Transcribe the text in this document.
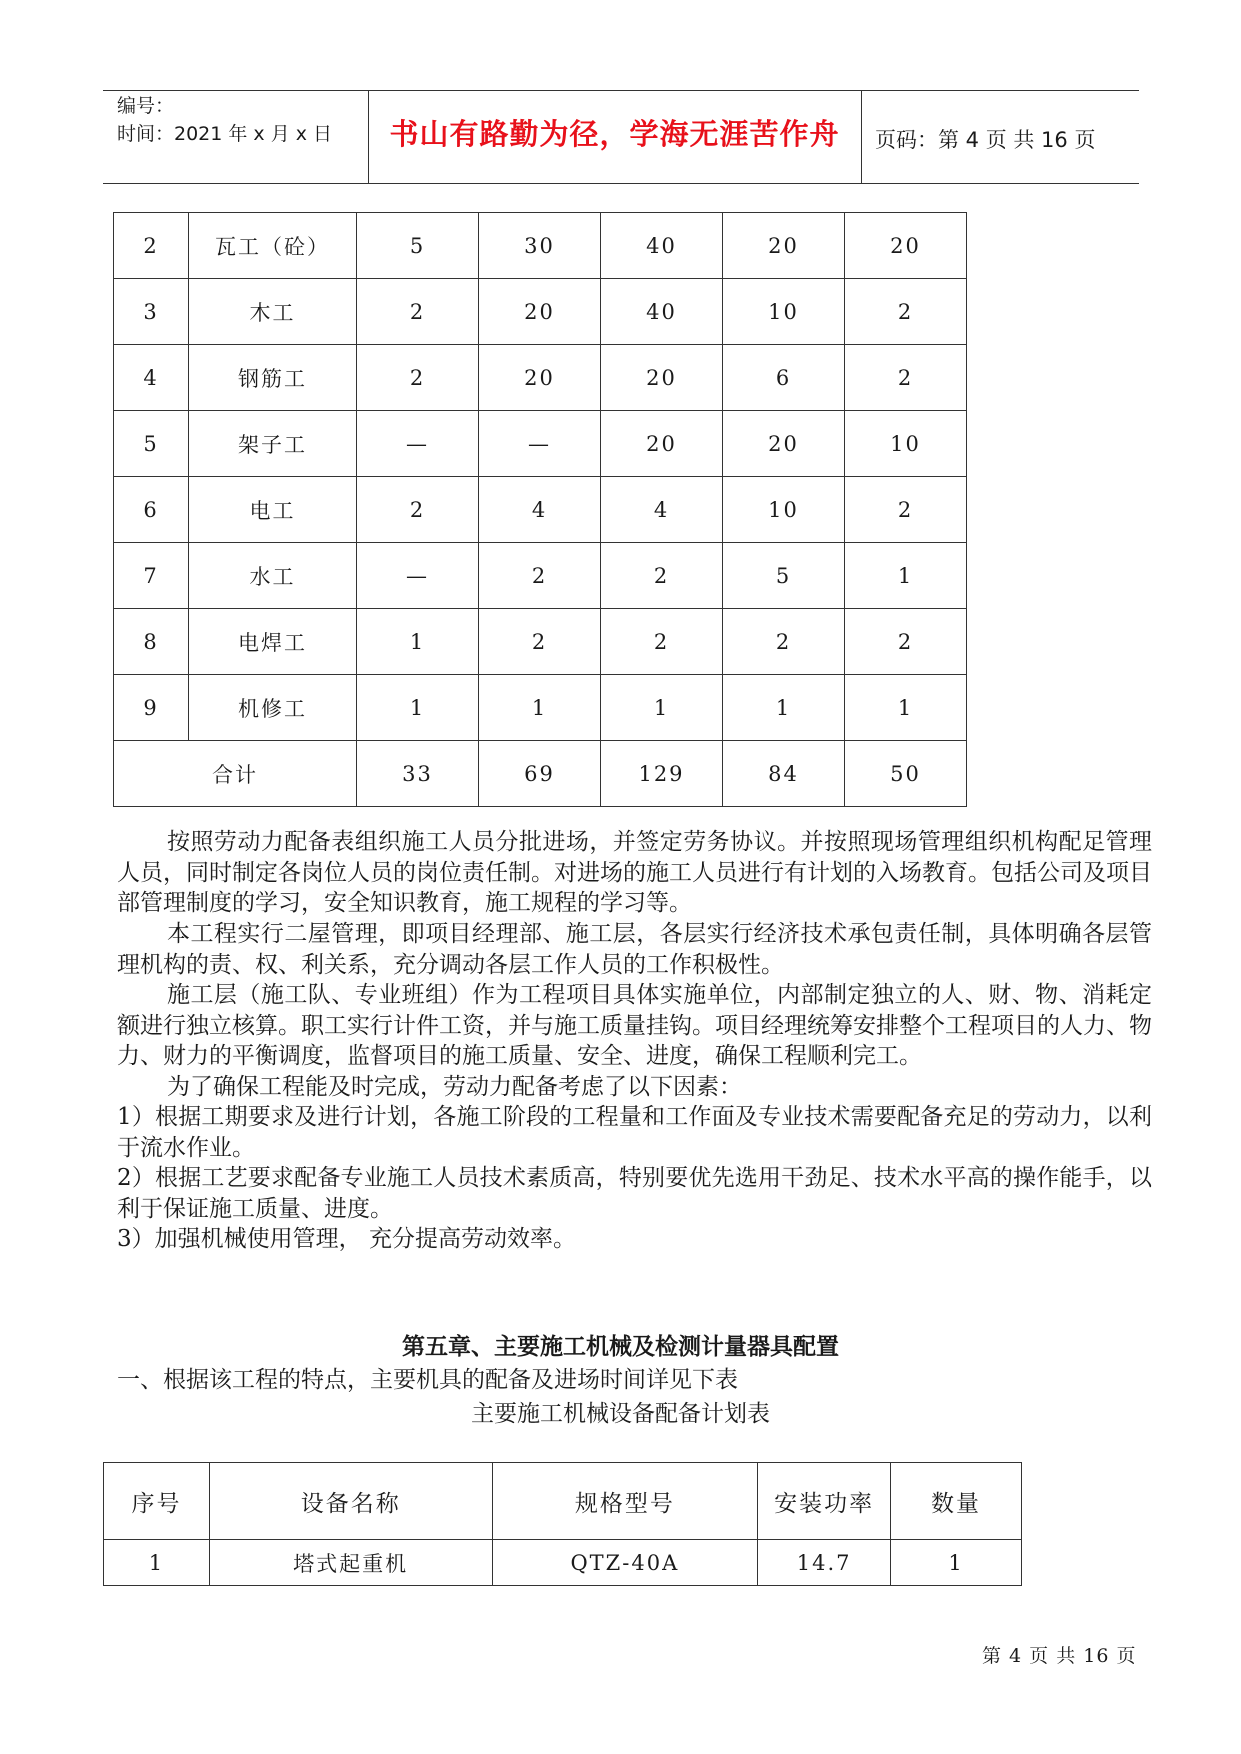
编号：
时间：2021 年 x 月 x 日	书山有路勤为径，学海无涯苦作舟	页码：第 4 页 共 16 页
2	瓦工（砼）	5	30	40	20	20
3	木工	2	20	40	10	2
4	钢筋工	2	20	20	6	2
5	架子工	—	—	20	20	10
6	电工	2	4	4	10	2
7	水工	—	2	2	5	1
8	电焊工	1	2	2	2	2
9	机修工	1	1	1	1	1
合计		33	69	129	84	50

按照劳动力配备表组织施工人员分批进场，并签定劳务协议。并按照现场管理组织机构配足管理人员，同时制定各岗位人员的岗位责任制。对进场的施工人员进行有计划的入场教育。包括公司及项目部管理制度的学习，安全知识教育，施工规程的学习等。

本工程实行二屋管理，即项目经理部、施工层，各层实行经济技术承包责任制，具体明确各层管理机构的责、权、利关系，充分调动各层工作人员的工作积极性。

施工层（施工队、专业班组）作为工程项目具体实施单位，内部制定独立的人、财、物、消耗定额进行独立核算。职工实行计件工资，并与施工质量挂钩。项目经理统筹安排整个工程项目的人力、物力、财力的平衡调度，监督项目的施工质量、安全、进度，确保工程顺利完工。

为了确保工程能及时完成，劳动力配备考虑了以下因素：

1）根据工期要求及进行计划，各施工阶段的工程量和工作面及专业技术需要配备充足的劳动力，以利于流水作业。

2）根据工艺要求配备专业施工人员技术素质高，特别要优先选用干劲足、技术水平高的操作能手，以利于保证施工质量、进度。

3）加强机械使用管理， 充分提高劳动效率。

第五章、主要施工机械及检测计量器具配置

一、根据该工程的特点，主要机具的配备及进场时间详见下表

主要施工机械设备配备计划表

序号	设备名称	规格型号	安装功率	数量
1	塔式起重机	QTZ-40A	14.7	1
第 4 页 共 16 页
